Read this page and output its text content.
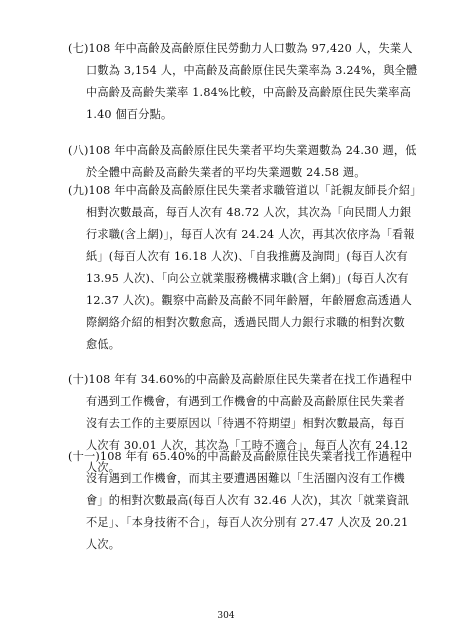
(七)108 年中高齡及高齡原住民勞動力人口數為 97,420 人，失業人
口數為 3,154 人，中高齡及高齡原住民失業率為 3.24%，與全體
中高齡及高齡失業率 1.84%比較，中高齡及高齡原住民失業率高
1.40 個百分點。
(八)108 年中高齡及高齡原住民失業者平均失業週數為 24.30 週，低
於全體中高齡及高齡失業者的平均失業週數 24.58 週。
(九)108 年中高齡及高齡原住民失業者求職管道以「託親友師長介紹」
相對次數最高，每百人次有 48.72 人次，其次為「向民間人力銀
行求職(含上網)」，每百人次有 24.24 人次，再其次依序為「看報
紙」(每百人次有 16.18 人次)、「自我推薦及詢問」(每百人次有
13.95 人次)、「向公立就業服務機構求職(含上網)」(每百人次有
12.37 人次)。觀察中高齡及高齡不同年齡層，年齡層愈高透過人
際網絡介紹的相對次數愈高，透過民間人力銀行求職的相對次數
愈低。
(十)108 年有 34.60%的中高齡及高齡原住民失業者在找工作過程中
有遇到工作機會，有遇到工作機會的中高齡及高齡原住民失業者
沒有去工作的主要原因以「待遇不符期望」相對次數最高，每百
人次有 30.01 人次，其次為「工時不適合」，每百人次有 24.12
人次。
(十一)108 年有 65.40%的中高齡及高齡原住民失業者找工作過程中
沒有遇到工作機會，而其主要遭遇困難以「生活圈內沒有工作機
會」的相對次數最高(每百人次有 32.46 人次)，其次「就業資訊
不足」、「本身技術不合」，每百人次分別有 27.47 人次及 20.21
人次。
304
